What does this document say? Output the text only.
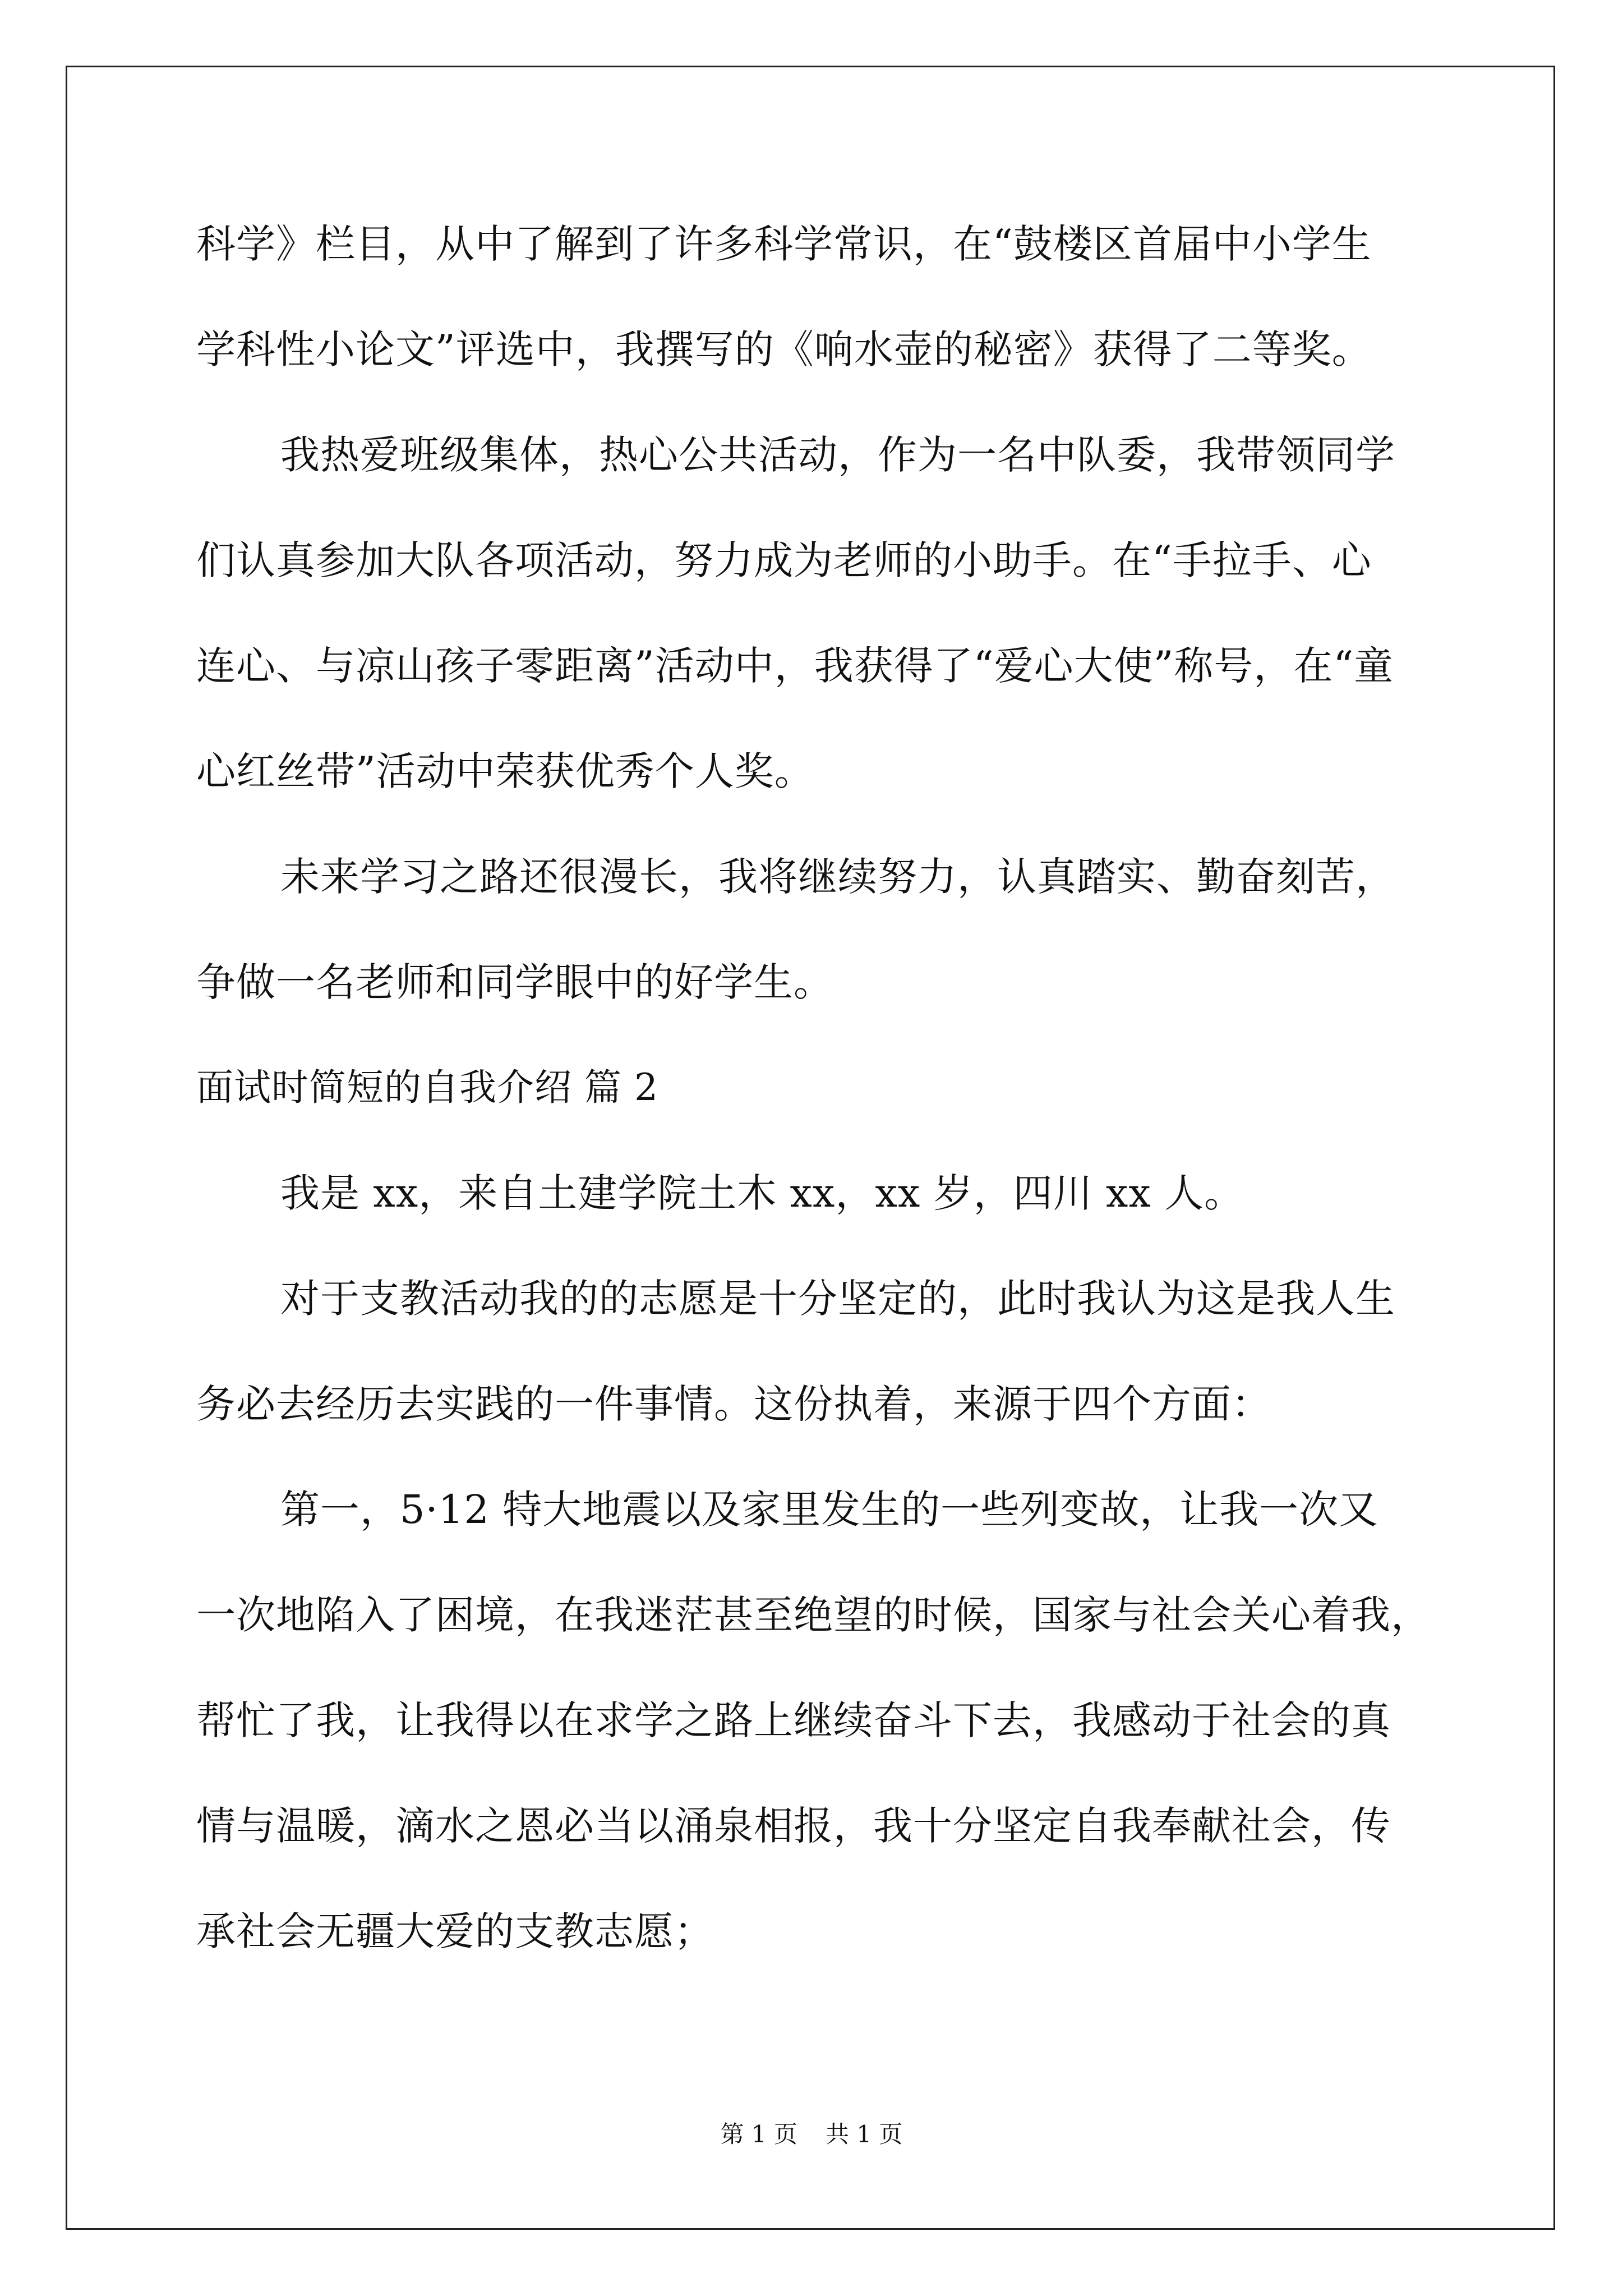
科学》栏目，从中了解到了许多科学常识，在“鼓楼区首届中小学生
学科性小论文”评选中，我撰写的《响水壶的秘密》获得了二等奖。
我热爱班级集体，热心公共活动，作为一名中队委，我带领同学
们认真参加大队各项活动，努力成为老师的小助手。在“手拉手、心
连心、与凉山孩子零距离”活动中，我获得了“爱心大使”称号，在“童
心红丝带”活动中荣获优秀个人奖。
未来学习之路还很漫长，我将继续努力，认真踏实、勤奋刻苦，
争做一名老师和同学眼中的好学生。
面试时简短的自我介绍 篇 2
我是 xx，来自土建学院土木 xx，xx 岁，四川 xx 人。
对于支教活动我的的志愿是十分坚定的，此时我认为这是我人生
务必去经历去实践的一件事情。这份执着，来源于四个方面：
第一，5·12 特大地震以及家里发生的一些列变故，让我一次又
一次地陷入了困境，在我迷茫甚至绝望的时候，国家与社会关心着我，
帮忙了我，让我得以在求学之路上继续奋斗下去，我感动于社会的真
情与温暖，滴水之恩必当以涌泉相报，我十分坚定自我奉献社会，传
承社会无疆大爱的支教志愿；
第 1 页 共 1 页
